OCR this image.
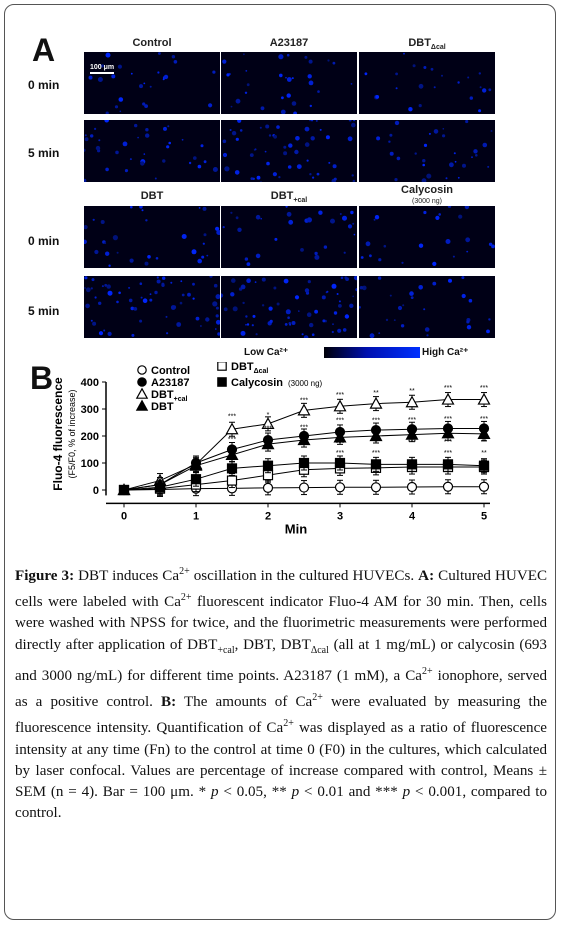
A	Control	A23187	$DBT_{\Delta cal}$
0 min
5 min
100 μm
DBT	$DBT_{+cal}$
Calycosin
(3000 ng)
0 min
5 min
Low Ca²⁺	High Ca²⁺
B
0
100
200
300
400
0	1	2	3	4	5
Min
Fluo-4 fluorescence (F5/F0, % of increase)	***	*
***
***	**	**	***	***
***
***	***
***	***	***	***	***
**
***	***	**	***	***	**
***
***	***	***	**
Control
A23187
$DBT_{+cal}$
DBT
$DBT_{\Delta cal}$
Calycosin (3000 ng)
Figure 3: DBT induces $Ca^{2+}$ oscillation in the cultured HUVECs. A: Cultured HUVEC cells were labeled with $Ca^{2+}$ fluorescent indicator Fluo-4 AM for 30 min. Then, cells were washed with NPSS for twice, and the fluorimetric measurements were performed directly after application of $DBT_{+cal}$, DBT, $DBT_{\Delta cal}$ (all at 1 mg/mL) or calycosin (693 and 3000 ng/mL) for different time points. A23187 (1 mM), a $Ca^{2+}$ ionophore, served as a positive control. B: The amounts of $Ca^{2+}$ were evaluated by measuring the fluorescence intensity. Quantification of $Ca^{2+}$ was displayed as a ratio of fluorescence intensity at any time (Fn) to the control at time 0 (F0) in the cultures, which calculated by laser confocal. Values are percentage of increase compared with control, Means ± SEM (n = 4). Bar = 100 μm. * p < 0.05, ** p < 0.01 and *** p < 0.001, compared to control.
